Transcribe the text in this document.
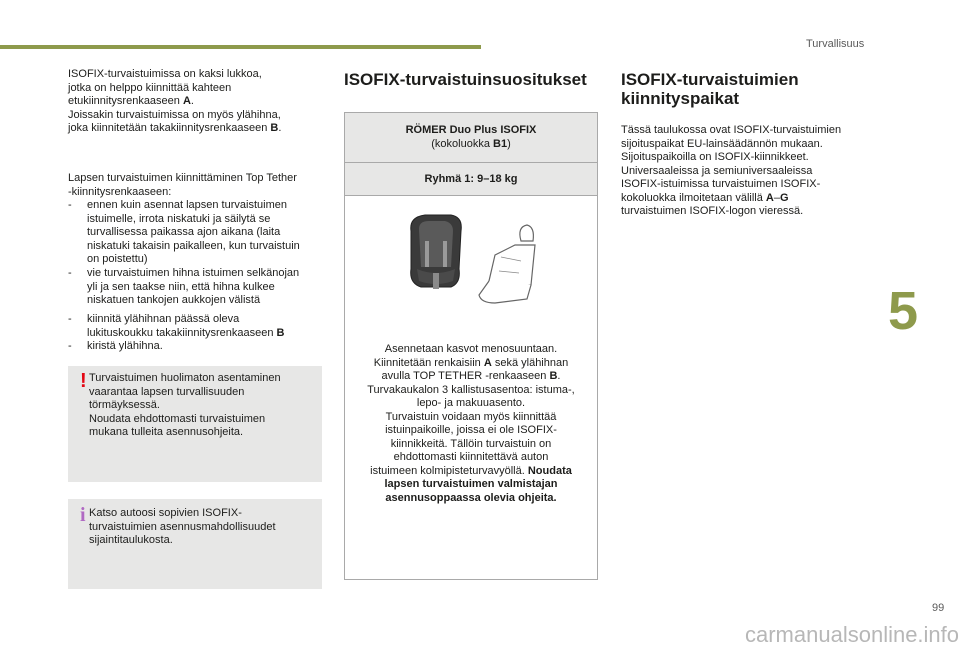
Turvallisuus
ISOFIX-turvaistuimissa on kaksi lukkoa,
jotka on helppo kiinnittää kahteen
etukiinnitysrenkaaseen A.
Joissakin turvaistuimissa on myös ylähihna,
joka kiinnitetään takakiinnitysrenkaaseen B.
Lapsen turvaistuimen kiinnittäminen Top Tether
-kiinnitysrenkaaseen:
- ennen kuin asennat lapsen turvaistuimen
istuimelle, irrota niskatuki ja säilytä se
turvallisessa paikassa ajon aikana (laita
niskatuki takaisin paikalleen, kun turvaistuin
on poistettu)
- vie turvaistuimen hihna istuimen selkänojan
yli ja sen taakse niin, että hihna kulkee
niskatuen tankojen aukkojen välistä
- kiinnitä ylähihnan päässä oleva
lukituskoukku takakiinnitysrenkaaseen B
- kiristä ylähihna.
! Turvaistuimen huolimaton asentaminen
vaarantaa lapsen turvallisuuden
törmäyksessä.
Noudata ehdottomasti turvaistuimen
mukana tulleita asennusohjeita.
i Katso autoosi sopivien ISOFIX-
turvaistuimien asennusmahdollisuudet
sijaintitaulukosta.
ISOFIX-turvaistuinsuositukset
RÖMER Duo Plus ISOFIX
(kokoluokka B1)
Ryhmä 1: 9–18 kg
Asennetaan kasvot menosuuntaan.
Kiinnitetään renkaisiin A sekä ylähihnan
avulla TOP TETHER -renkaaseen B.
Turvakaukalon 3 kallistusasentoa: istuma-,
lepo- ja makuuasento.
Turvaistuin voidaan myös kiinnittää
istuinpaikoille, joissa ei ole ISOFIX-
kiinnikkeitä. Tällöin turvaistuin on
ehdottomasti kiinnitettävä auton
istuimeen kolmipisteturvavyöllä. Noudata
lapsen turvaistuimen valmistajan
asennusoppaassa olevia ohjeita.
ISOFIX-turvaistuimien
kiinnityspaikat
Tässä taulukossa ovat ISOFIX-turvaistuimien
sijoituspaikat EU-lainsäädännön mukaan.
Sijoituspaikoilla on ISOFIX-kiinnikkeet.
Universaaleissa ja semiuniversaaleissa
ISOFIX-istuimissa turvaistuimen ISOFIX-
kokoluokka ilmoitetaan välillä A–G
turvaistuimen ISOFIX-logon vieressä.
5
99
carmanualsonline.info
